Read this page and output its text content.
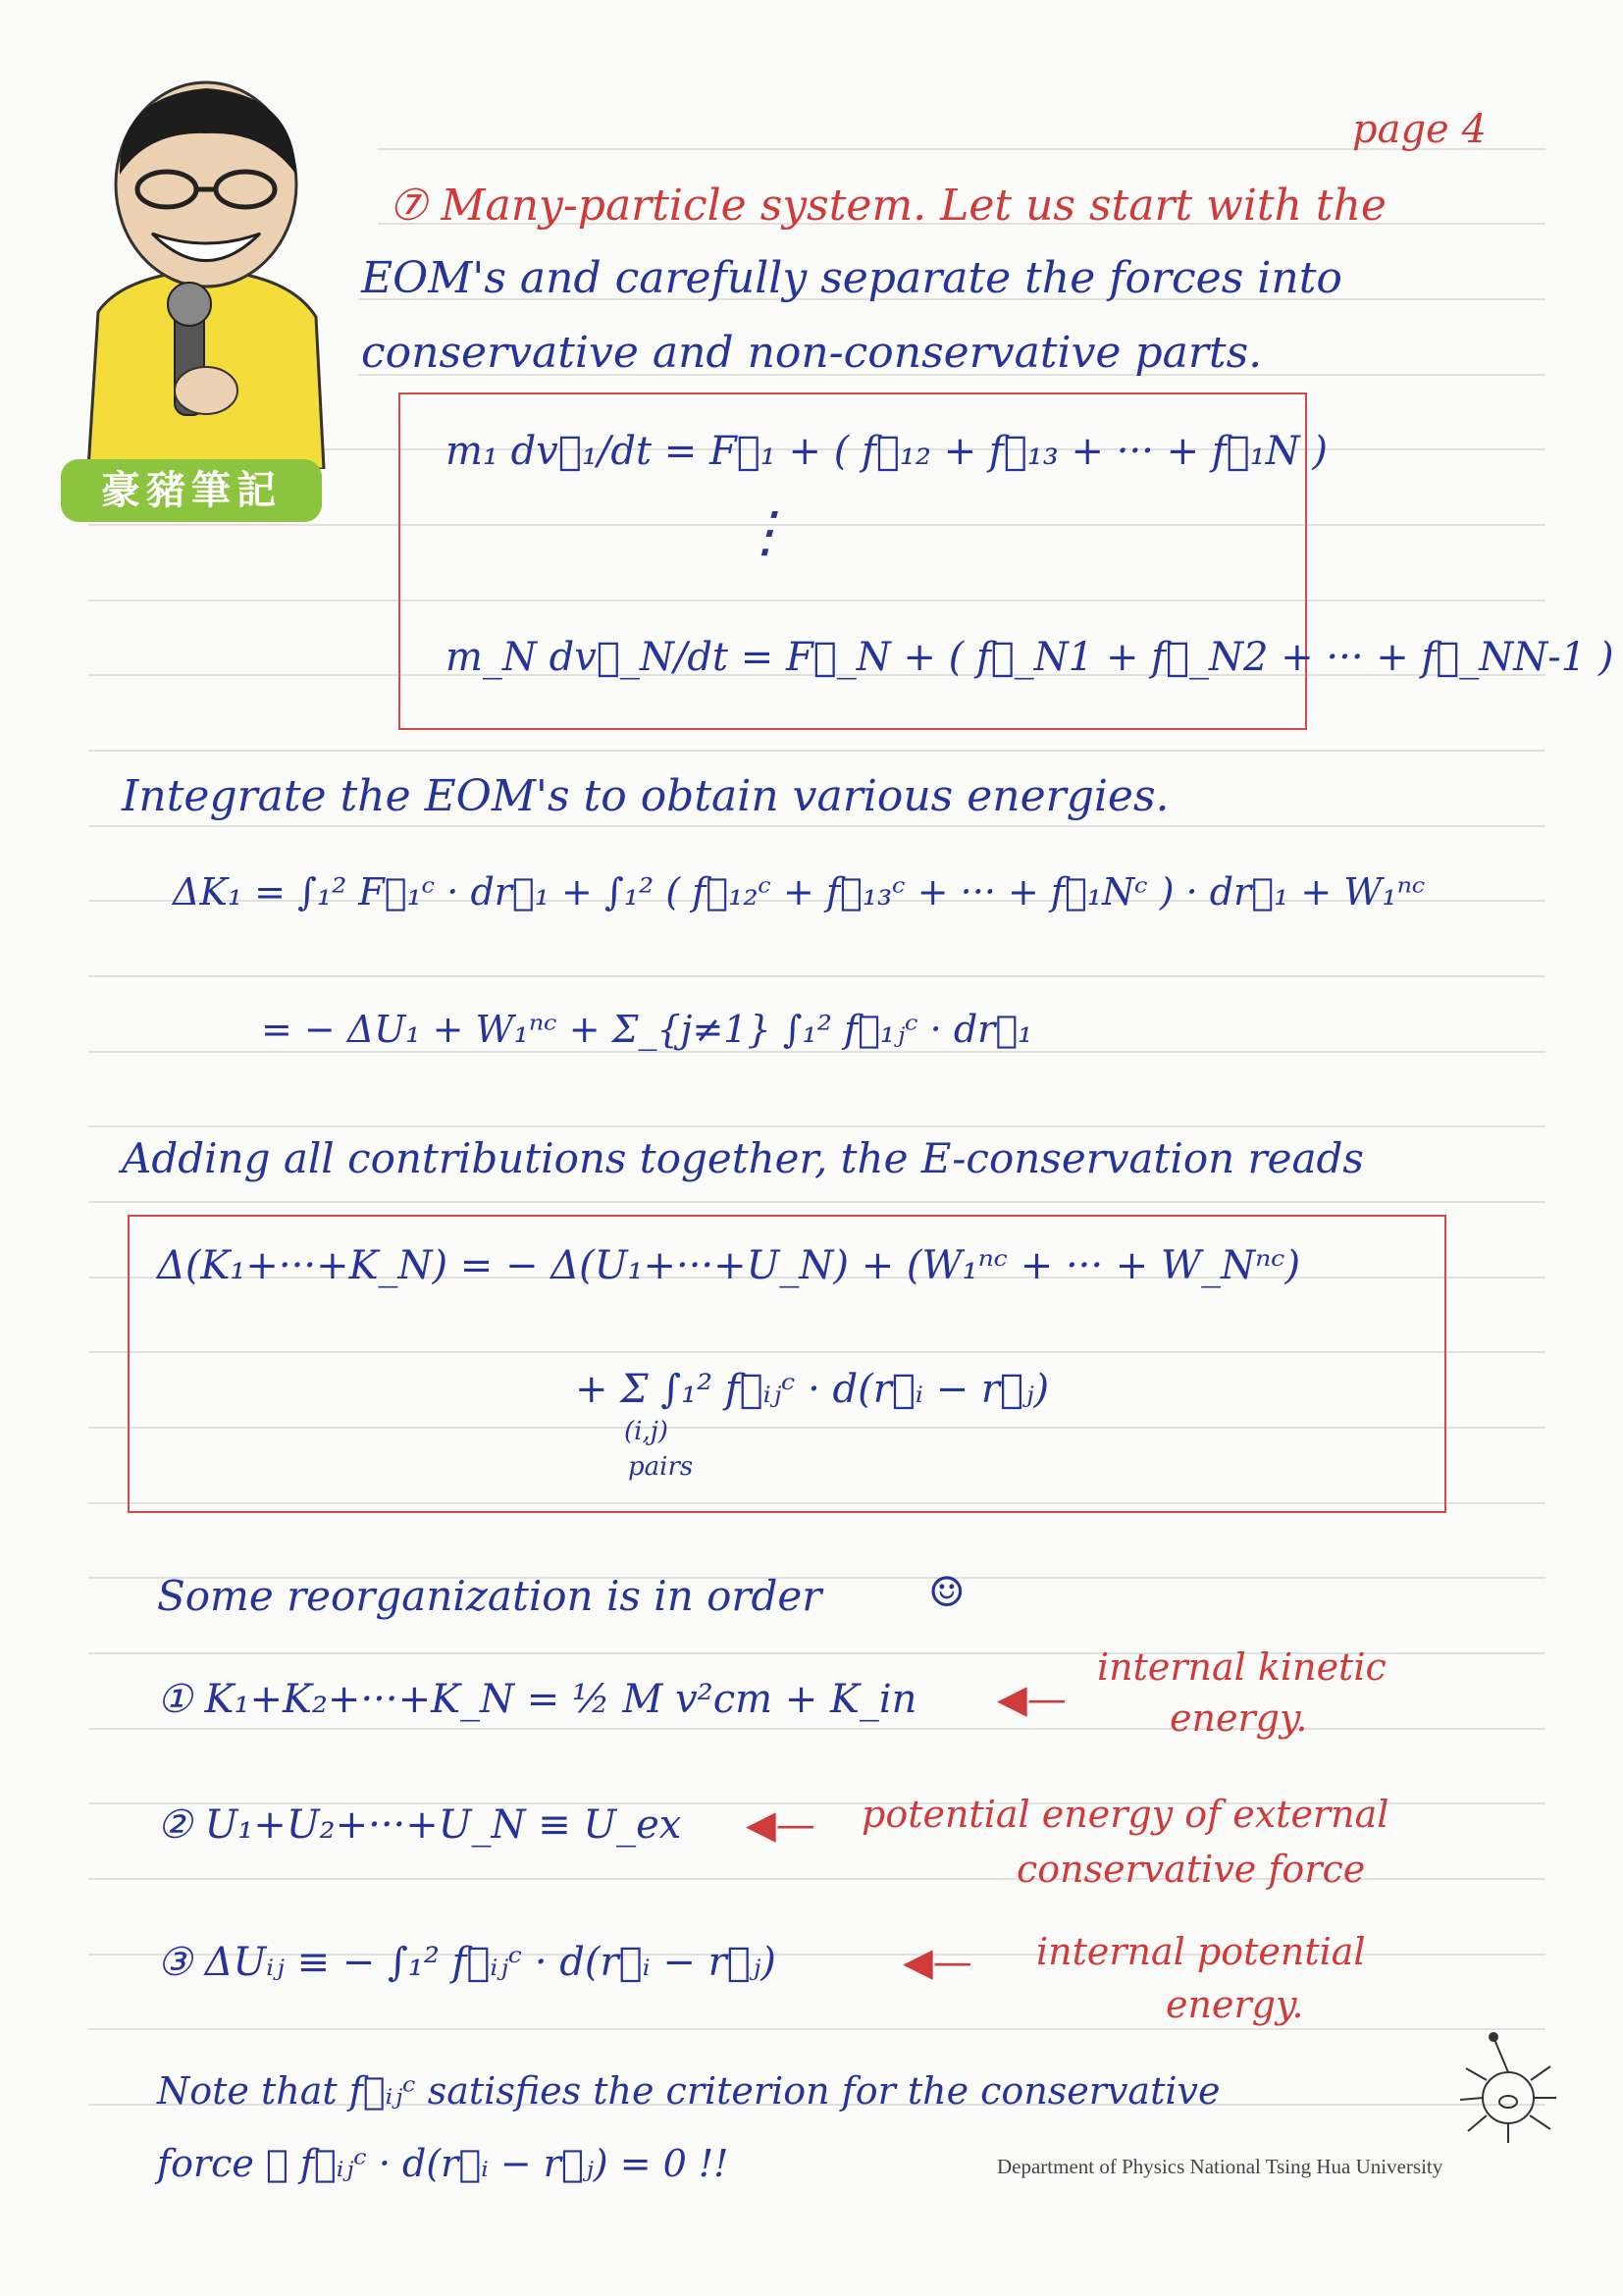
豪豬筆記
page 4
⑦ Many-particle system. Let us start with the
EOM's and carefully separate the forces into
conservative and non-conservative parts.
m₁ dv⃗₁/dt = F⃗₁ + ( f⃗₁₂ + f⃗₁₃ + ··· + f⃗₁N )
⋮
m_N dv⃗_N/dt = F⃗_N + ( f⃗_N1 + f⃗_N2 + ··· + f⃗_NN-1 )
Integrate the EOM's to obtain various energies.
ΔK₁ = ∫₁² F⃗₁ᶜ · dr⃗₁ + ∫₁² ( f⃗₁₂ᶜ + f⃗₁₃ᶜ + ··· + f⃗₁Nᶜ ) · dr⃗₁ + W₁ⁿᶜ
= − ΔU₁ + W₁ⁿᶜ + Σ_{j≠1} ∫₁² f⃗₁ⱼᶜ · dr⃗₁
Adding all contributions together, the E-conservation reads
Δ(K₁+···+K_N) = − Δ(U₁+···+U_N) + (W₁ⁿᶜ + ··· + W_Nⁿᶜ)
+ Σ ∫₁² f⃗ᵢⱼᶜ · d(r⃗ᵢ − r⃗ⱼ)
(i,j)
pairs
Some reorganization is in order	☺
① K₁+K₂+···+K_N = ½ M v²cm + K_in ◀—
internal kinetic
energy.
② U₁+U₂+···+U_N ≡ U_ex ◀— potential energy of external
conservative force
③ ΔUᵢⱼ ≡ − ∫₁² f⃗ᵢⱼᶜ · d(r⃗ᵢ − r⃗ⱼ)	◀— internal potential
energy.
Note that f⃗ᵢⱼᶜ satisfies the criterion for the conservative
force ∮ f⃗ᵢⱼᶜ · d(r⃗ᵢ − r⃗ⱼ) = 0 !!	Department of Physics National Tsing Hua University
